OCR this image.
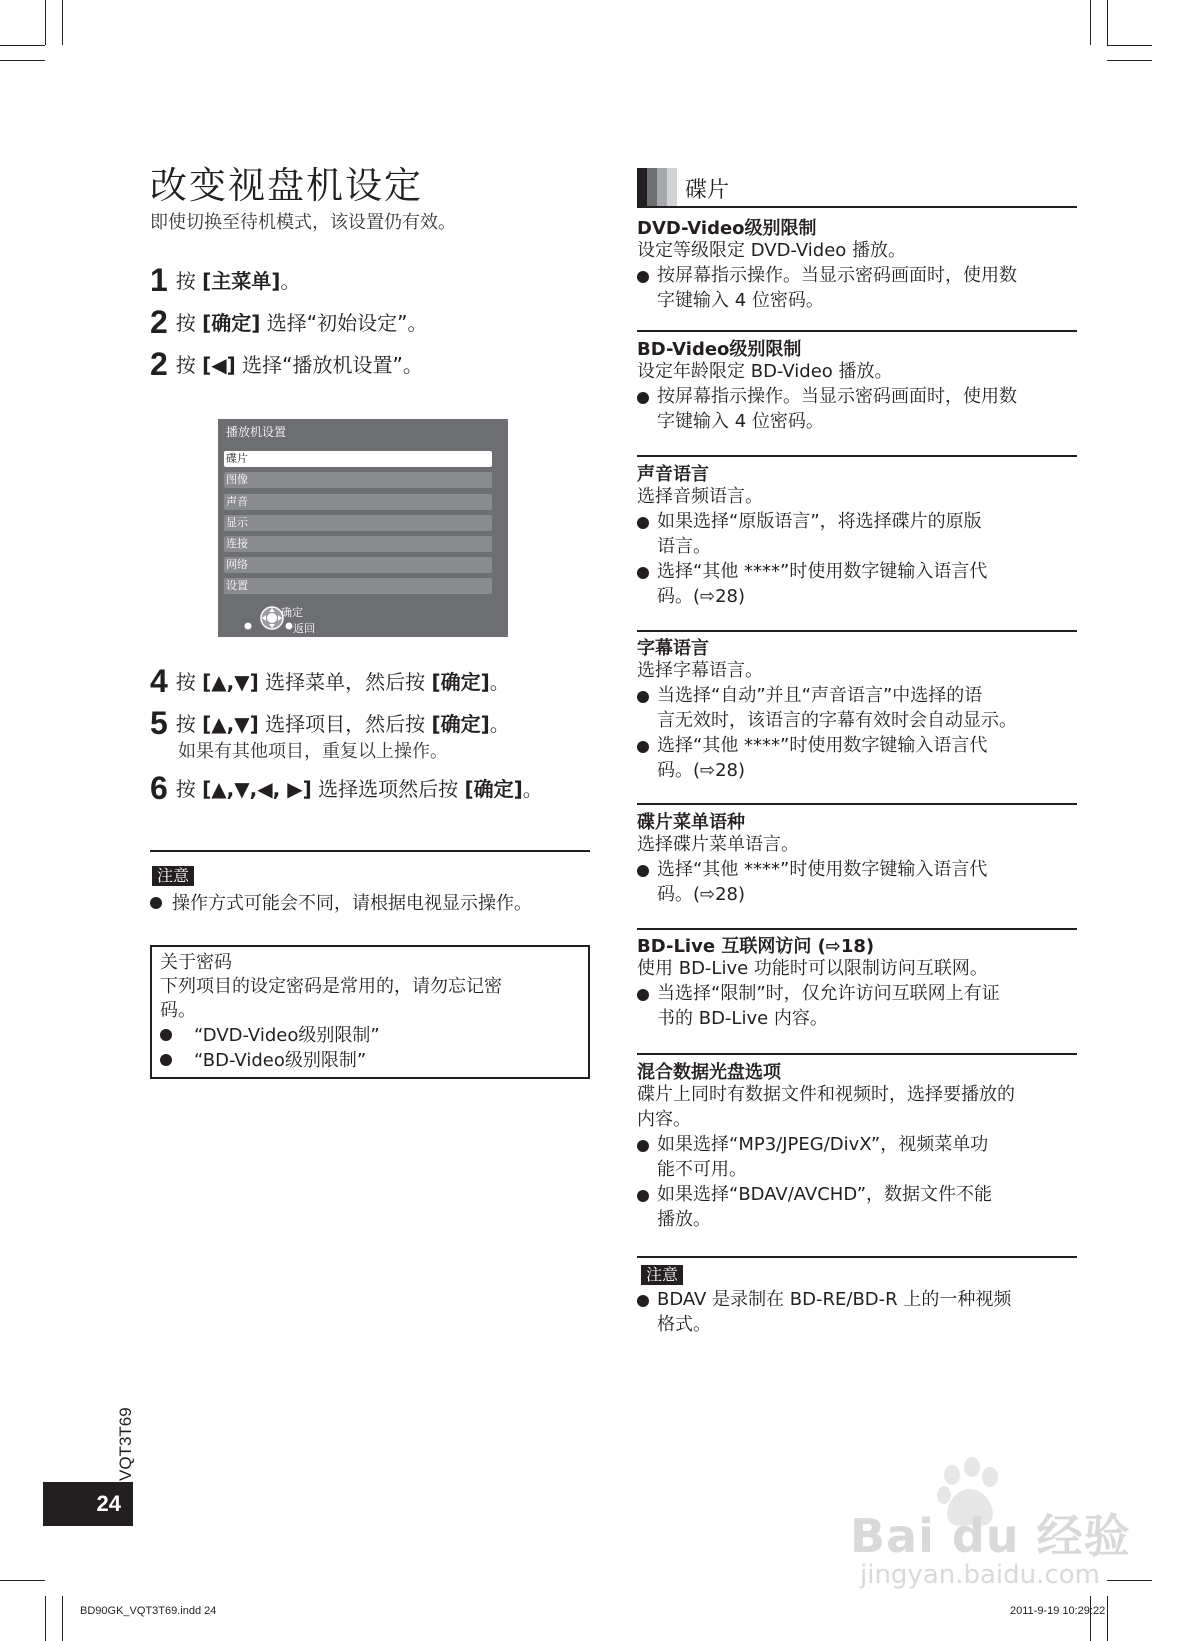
改变视盘机设定
即使切换至待机模式，该设置仍有效。
1 按 [主菜单]。
2 按 [确定] 选择“初始设定”。
2 按 [◀] 选择“播放机设置”。
播放机设置
碟片
图像
声音
显示
连接
网络
设置
确定
返回
4 按 [▲,▼] 选择菜单，然后按 [确定]。
5 按 [▲,▼] 选择项目，然后按 [确定]。
如果有其他项目，重复以上操作。
6 按 [▲,▼,◀, ▶] 选择选项然后按 [确定]。
注意
操作方式可能会不同，请根据电视显示操作。
关于密码
下列项目的设定密码是常用的，请勿忘记密
码。
“DVD-Video级别限制”
“BD-Video级别限制”
碟片
DVD-Video级别限制
设定等级限定 DVD-Video 播放。
按屏幕指示操作。当显示密码画面时，使用数
字键输入 4 位密码。
BD-Video级别限制
设定年龄限定 BD-Video 播放。
按屏幕指示操作。当显示密码画面时，使用数
字键输入 4 位密码。
声音语言
选择音频语言。
如果选择“原版语言”，将选择碟片的原版
语言。
选择“其他 ****”时使用数字键输入语言代
码。(⇨28)
字幕语言
选择字幕语言。
当选择“自动”并且“声音语言”中选择的语
言无效时，该语言的字幕有效时会自动显示。
选择“其他 ****”时使用数字键输入语言代
码。(⇨28)
碟片菜单语种
选择碟片菜单语言。
选择“其他 ****”时使用数字键输入语言代
码。(⇨28)
BD-Live 互联网访问 (⇨18)
使用 BD-Live 功能时可以限制访问互联网。
当选择“限制”时，仅允许访问互联网上有证
书的 BD-Live 内容。
混合数据光盘选项
碟片上同时有数据文件和视频时，选择要播放的
内容。
如果选择“MP3/JPEG/DivX”，视频菜单功
能不可用。
如果选择“BDAV/AVCHD”，数据文件不能
播放。
注意
BDAV 是录制在 BD-RE/BD-R 上的一种视频
格式。
VQT3T69
24
BD90GK_VQT3T69.indd 24	2011-9-19 10:29:22
Bai du 经验
jingyan.baidu.com
